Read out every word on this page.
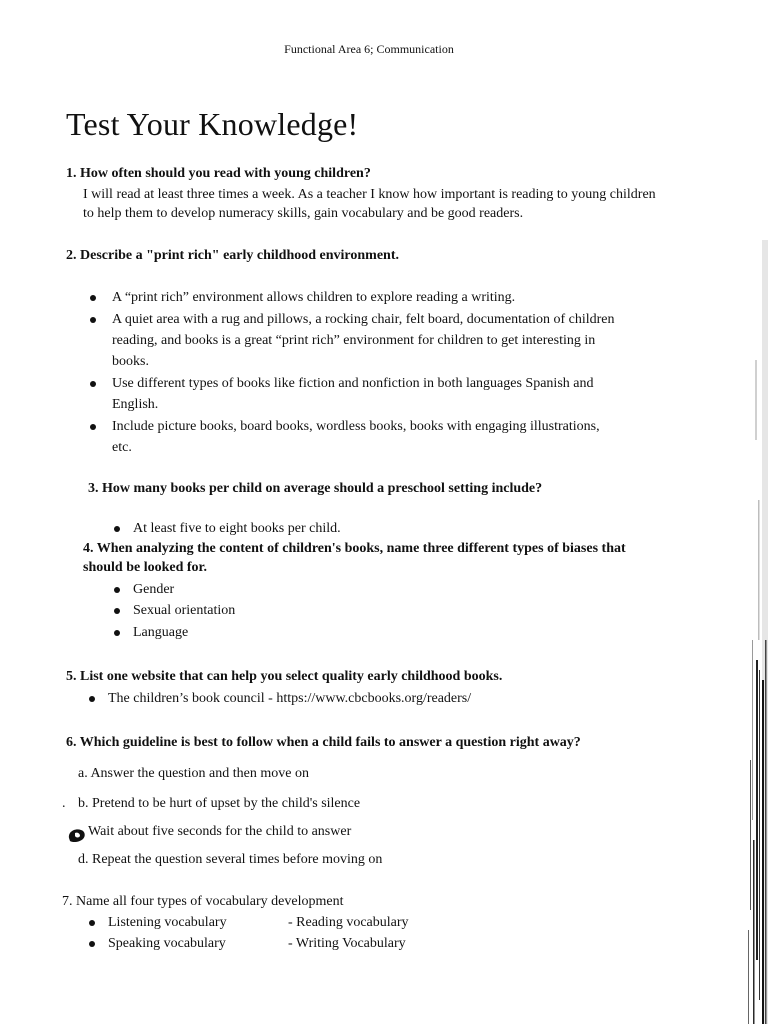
Functional Area 6; Communication
Test Your Knowledge!
1. How often should you read with young children?
I will read at least three times a week. As a teacher I know how important is reading to young children
to help them to develop numeracy skills, gain vocabulary and be good readers.
2. Describe a "print rich" early childhood environment.
A “print rich” environment allows children to explore reading a writing.
A quiet area with a rug and pillows, a rocking chair, felt board, documentation of children
reading, and books is a great “print rich” environment for children to get interesting in
books.
Use different types of books like fiction and nonfiction in both languages Spanish and
English.
Include picture books, board books, wordless books, books with engaging illustrations,
etc.
3. How many books per child on average should a preschool setting include?
At least five to eight books per child.
4. When analyzing the content of children's books, name three different types of biases that
should be looked for.
Gender
Sexual orientation
Language
5. List one website that can help you select quality early childhood books.
The children’s book council - https://www.cbcbooks.org/readers/
6. Which guideline is best to follow when a child fails to answer a question right away?
a. Answer the question and then move on
. b. Pretend to be hurt of upset by the child's silence
Wait about five seconds for the child to answer
d. Repeat the question several times before moving on
7. Name all four types of vocabulary development
Listening vocabulary	- Reading vocabulary
Speaking vocabulary	- Writing Vocabulary
